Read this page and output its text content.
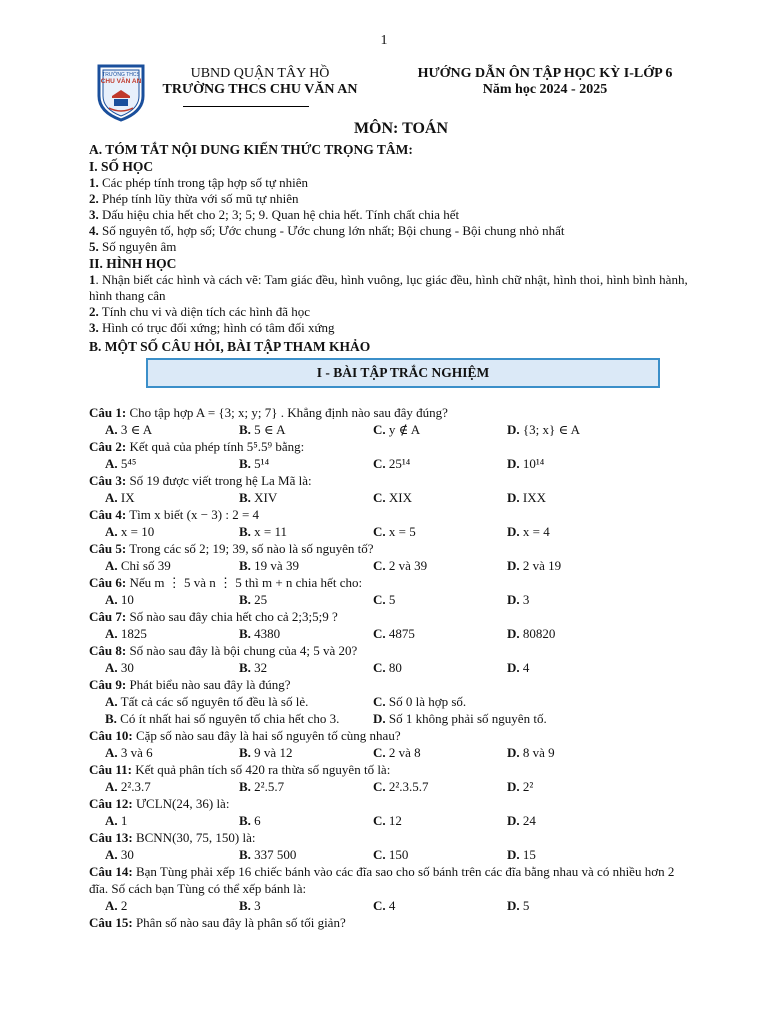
1
TRƯỜNG THCS
CHU VĂN AN
UBND QUẬN TÂY HỒ
TRƯỜNG THCS CHU VĂN AN
HƯỚNG DẪN ÔN TẬP HỌC KỲ I-LỚP 6
Năm học 2024 - 2025
MÔN: TOÁN
A. TÓM TẮT NỘI DUNG KIẾN THỨC TRỌNG TÂM:
I. SỐ HỌC
1. Các phép tính trong tập hợp số tự nhiên
2. Phép tính lũy thừa với số mũ tự nhiên
3. Dấu hiệu chia hết cho 2; 3; 5; 9. Quan hệ chia hết. Tính chất chia hết
4. Số nguyên tố, hợp số; Ước chung - Ước chung lớn nhất; Bội chung - Bội chung nhỏ nhất
5. Số nguyên âm
II. HÌNH HỌC
1. Nhận biết các hình và cách vẽ: Tam giác đều, hình vuông, lục giác đều, hình chữ nhật, hình thoi, hình bình hành, hình thang cân
2. Tính chu vi và diện tích các hình đã học
3. Hình có trục đối xứng; hình có tâm đối xứng
B. MỘT SỐ CÂU HỎI, BÀI TẬP THAM KHẢO
I - BÀI TẬP TRẮC NGHIỆM
Câu 1: Cho tập hợp A = {3; x; y; 7} . Khẳng định nào sau đây đúng?
A. 3 ∈ A	B. 5 ∈ A	C. y ∉ A	D. {3; x} ∈ A
Câu 2: Kết quả của phép tính 5⁵.5⁹ bằng:
A. 5⁴⁵	B. 5¹⁴	C. 25¹⁴	D. 10¹⁴
Câu 3: Số 19 được viết trong hệ La Mã là:
A. IX	B. XIV	C. XIX	D. IXX
Câu 4: Tìm x biết (x − 3) : 2 = 4
A. x = 10	B. x = 11	C. x = 5	D. x = 4
Câu 5: Trong các số 2; 19; 39, số nào là số nguyên tố?
A. Chỉ số 39	B. 19 và 39	C. 2 và 39	D. 2 và 19
Câu 6: Nếu m ⋮ 5 và n ⋮ 5 thì m + n chia hết cho:
A. 10	B. 25	C. 5	D. 3
Câu 7: Số nào sau đây chia hết cho cả 2;3;5;9 ?
A. 1825	B. 4380	C. 4875	D. 80820
Câu 8: Số nào sau đây là bội chung của 4; 5 và 20?
A. 30	B. 32	C. 80	D. 4
Câu 9: Phát biểu nào sau đây là đúng?
A. Tất cả các số nguyên tố đều là số lẻ.	C. Số 0 là hợp số.
B. Có ít nhất hai số nguyên tố chia hết cho 3.	D. Số 1 không phải số nguyên tố.
Câu 10: Cặp số nào sau đây là hai số nguyên tố cùng nhau?
A. 3 và 6	B. 9 và 12	C. 2 và 8	D. 8 và 9
Câu 11: Kết quả phân tích số 420 ra thừa số nguyên tố là:
A. 2².3.7	B. 2².5.7	C. 2².3.5.7	D. 2²
Câu 12: ƯCLN(24, 36) là:
A. 1	B. 6	C. 12	D. 24
Câu 13: BCNN(30, 75, 150) là:
A. 30	B. 337 500	C. 150	D. 15
Câu 14: Bạn Tùng phải xếp 16 chiếc bánh vào các đĩa sao cho số bánh trên các đĩa bằng nhau và có nhiều hơn 2 đĩa. Số cách bạn Tùng có thể xếp bánh là:
A. 2	B. 3	C. 4	D. 5
Câu 15: Phân số nào sau đây là phân số tối giản?
